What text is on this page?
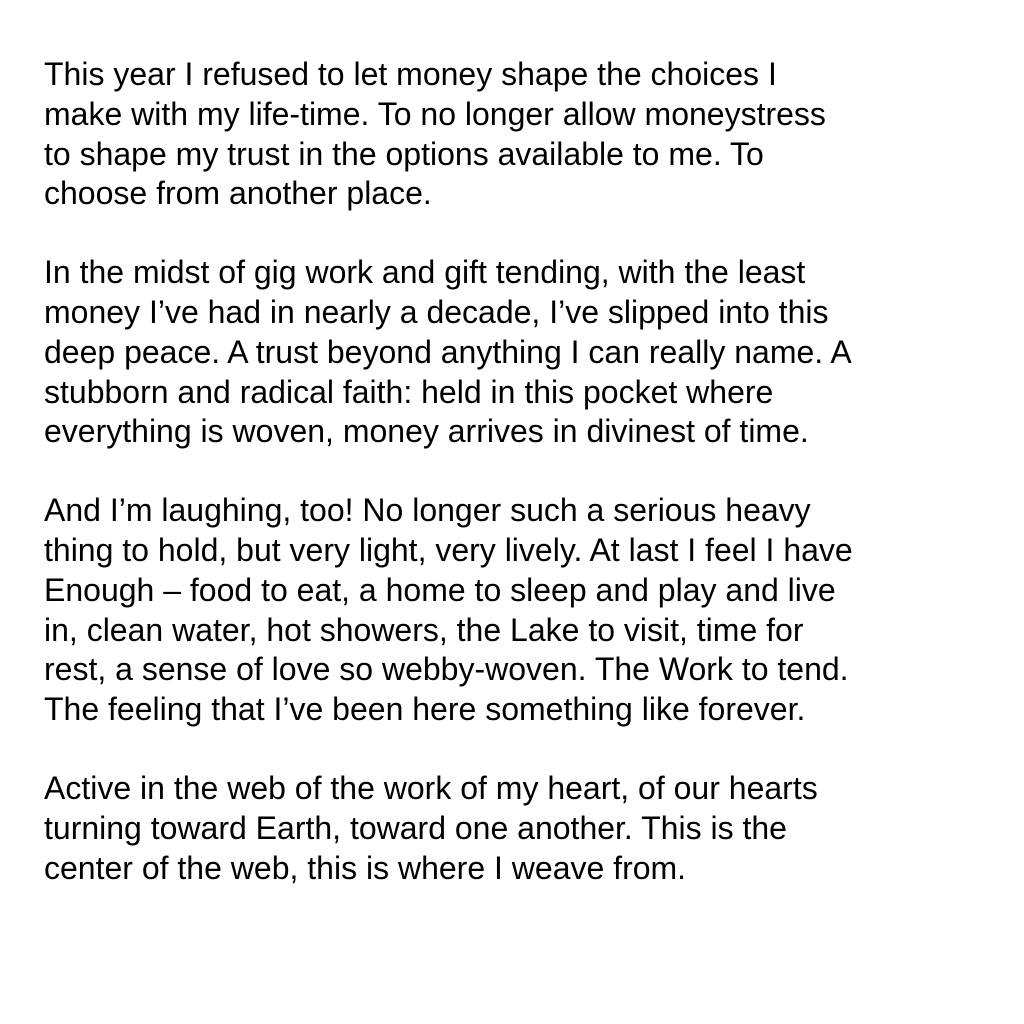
This year I refused to let money shape the choices I
make with my life-time. To no longer allow moneystress
to shape my trust in the options available to me. To
choose from another place.

In the midst of gig work and gift tending, with the least
money I’ve had in nearly a decade, I’ve slipped into this
deep peace. A trust beyond anything I can really name. A
stubborn and radical faith: held in this pocket where
everything is woven, money arrives in divinest of time.

And I’m laughing, too! No longer such a serious heavy
thing to hold, but very light, very lively. At last I feel I have
Enough – food to eat, a home to sleep and play and live
in, clean water, hot showers, the Lake to visit, time for
rest, a sense of love so webby-woven. The Work to tend.
The feeling that I’ve been here something like forever.

Active in the web of the work of my heart, of our hearts
turning toward Earth, toward one another. This is the
center of the web, this is where I weave from.
